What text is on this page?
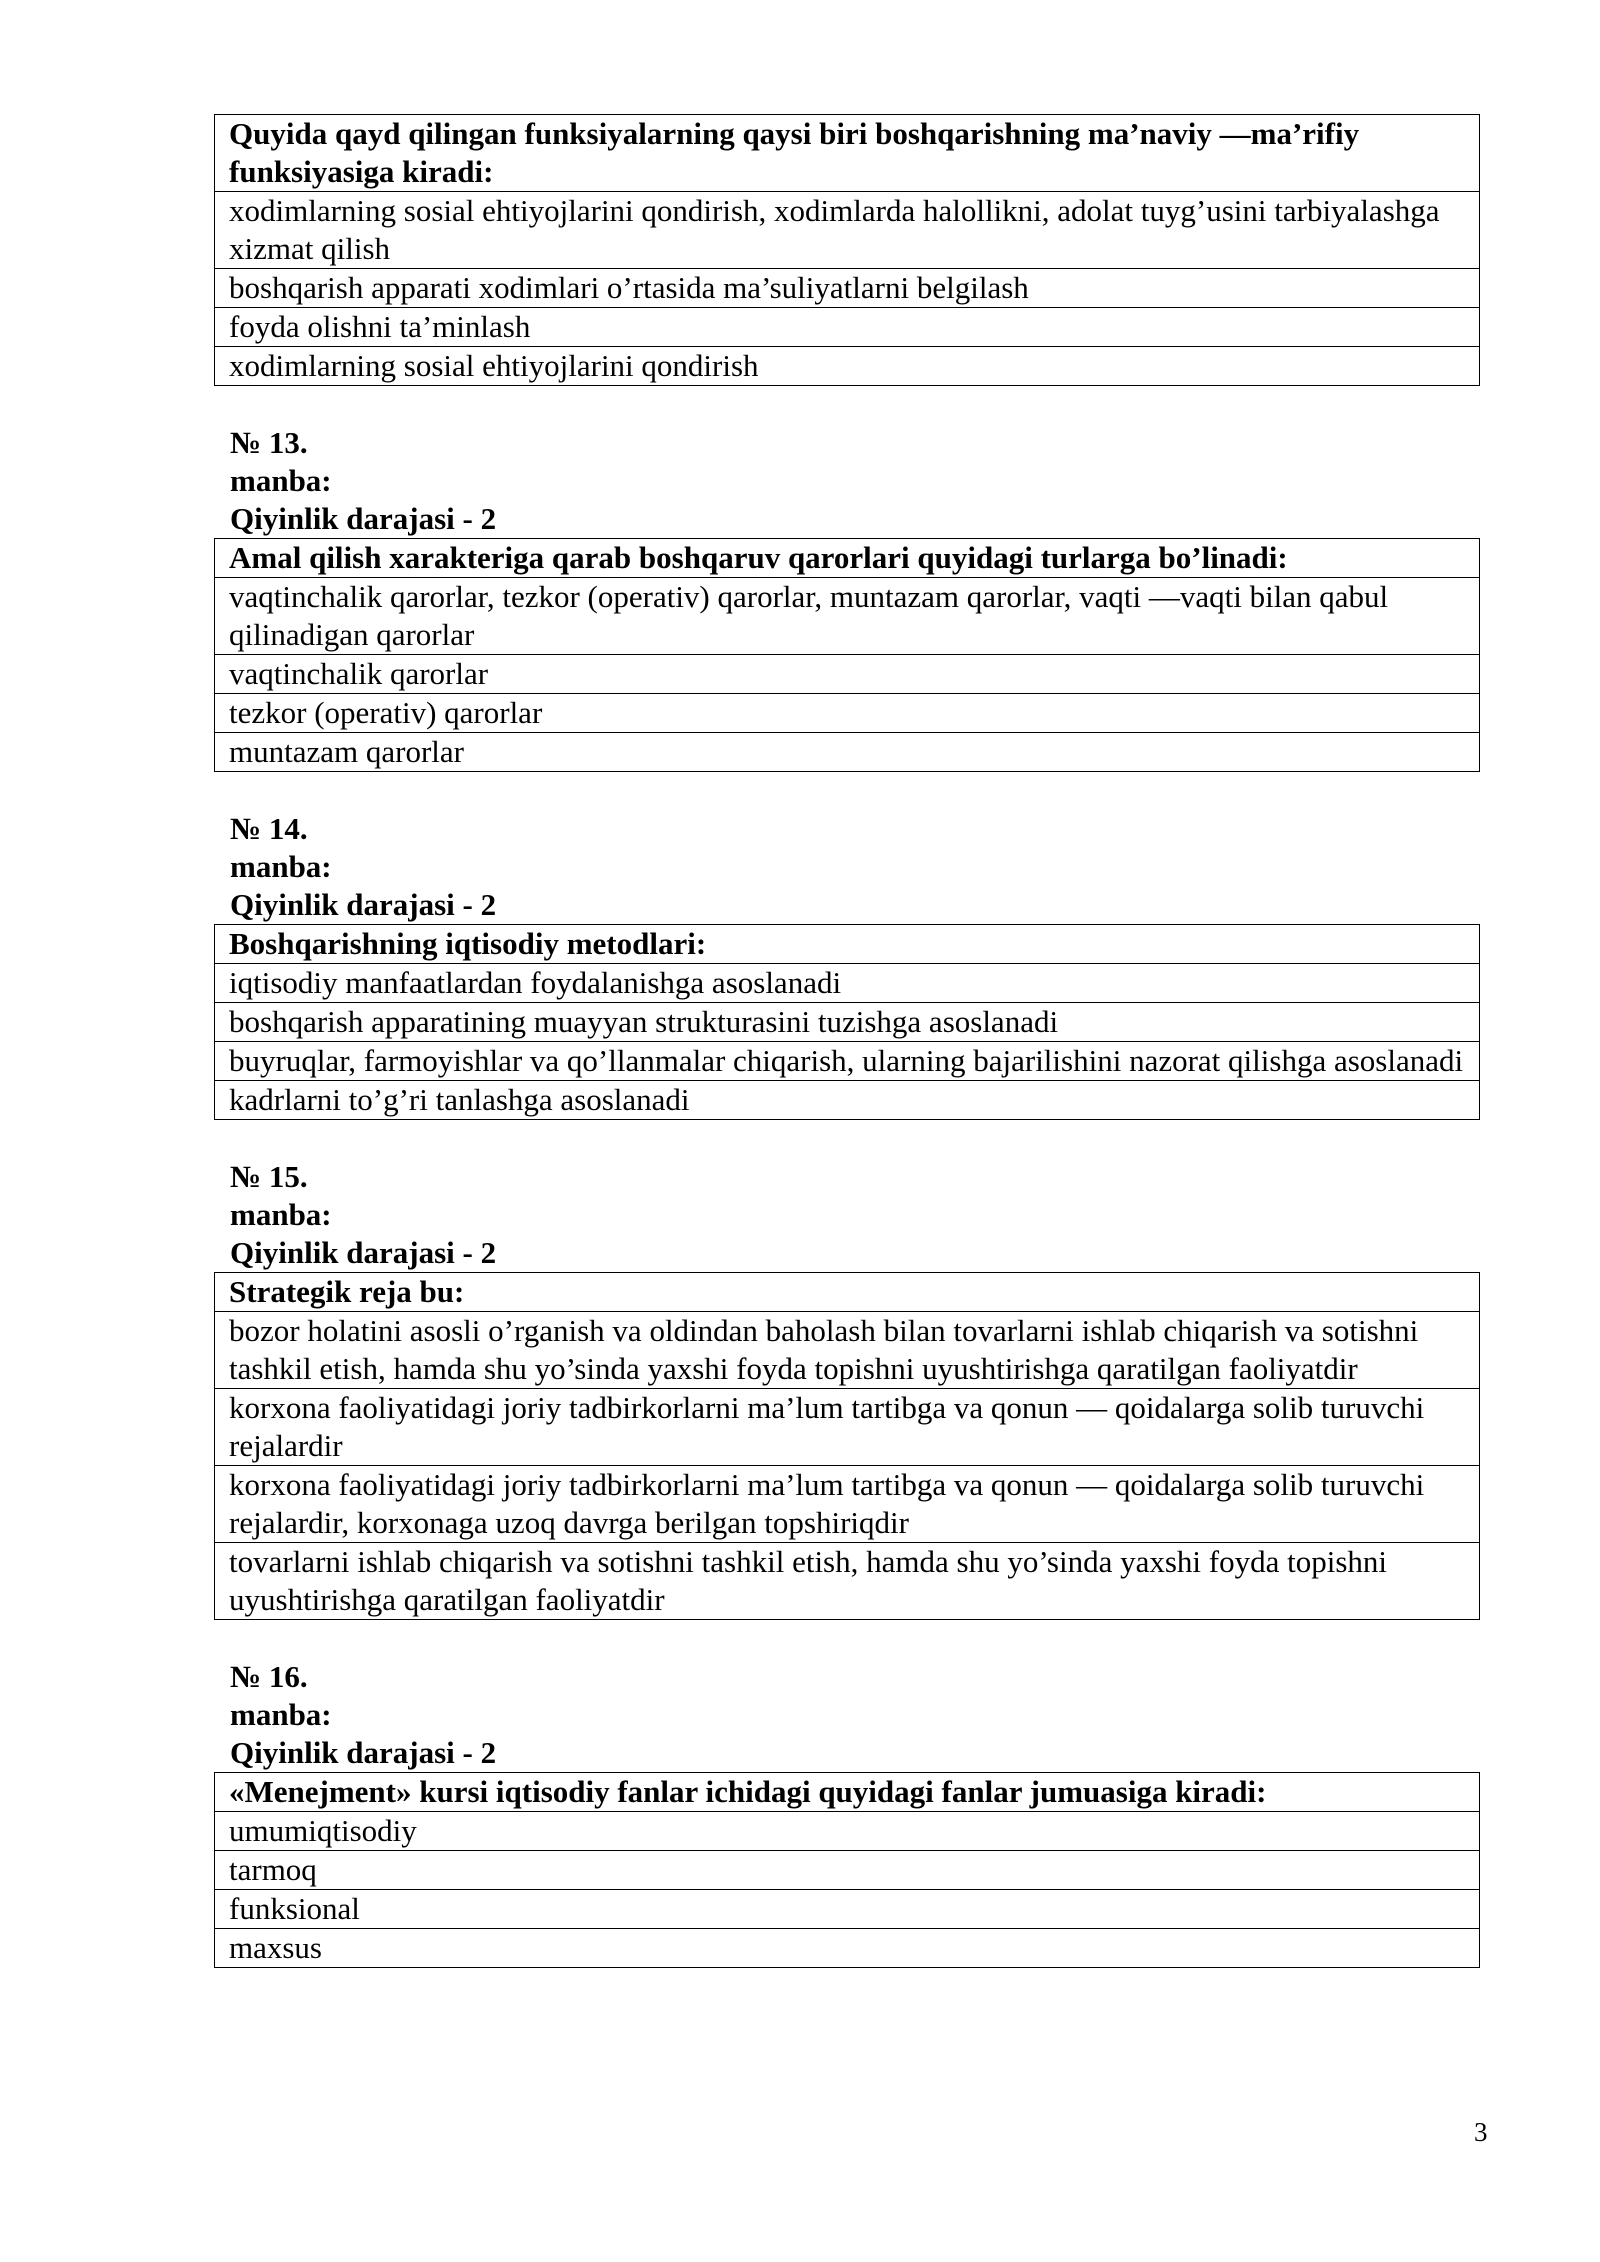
Quyida qayd qilingan funksiyalarning qaysi biri boshqarishning ma’naviy —ma’rifiy funksiyasiga kiradi:
xodimlarning sosial ehtiyojlarini qondirish, xodimlarda halollikni, adolat tuyg’usini tarbiyalashga xizmat qilish
boshqarish apparati xodimlari o’rtasida ma’suliyatlarni belgilash
foyda olishni ta’minlash
xodimlarning sosial ehtiyojlarini qondirish
№ 13.
manba:
Qiyinlik darajasi - 2
Amal qilish xarakteriga qarab boshqaruv qarorlari quyidagi turlarga bo’linadi:
vaqtinchalik qarorlar, tezkor (operativ) qarorlar, muntazam qarorlar, vaqti —vaqti bilan qabul qilinadigan qarorlar
vaqtinchalik qarorlar
tezkor (operativ) qarorlar
muntazam qarorlar
№ 14.
manba:
Qiyinlik darajasi - 2
Boshqarishning iqtisodiy metodlari:
iqtisodiy manfaatlardan foydalanishga asoslanadi
boshqarish apparatining muayyan strukturasini tuzishga asoslanadi
buyruqlar, farmoyishlar va qo’llanmalar chiqarish, ularning bajarilishini nazorat qilishga asoslanadi
kadrlarni to’g’ri tanlashga asoslanadi
№ 15.
manba:
Qiyinlik darajasi - 2
Strategik reja bu:
bozor holatini asosli o’rganish va oldindan baholash bilan tovarlarni ishlab chiqarish va sotishni tashkil etish, hamda shu yo’sinda yaxshi foyda topishni uyushtirishga qaratilgan faoliyatdir
korxona faoliyatidagi joriy tadbirkorlarni ma’lum tartibga va qonun — qoidalarga solib turuvchi rejalardir
korxona faoliyatidagi joriy tadbirkorlarni ma’lum tartibga va qonun — qoidalarga solib turuvchi rejalardir, korxonaga uzoq davrga berilgan topshiriqdir
tovarlarni ishlab chiqarish va sotishni tashkil etish, hamda shu yo’sinda yaxshi foyda topishni uyushtirishga qaratilgan faoliyatdir
№ 16.
manba:
Qiyinlik darajasi - 2
«Menejment» kursi iqtisodiy fanlar ichidagi quyidagi fanlar jumuasiga kiradi:
umumiqtisodiy
tarmoq
funksional
maxsus
3
